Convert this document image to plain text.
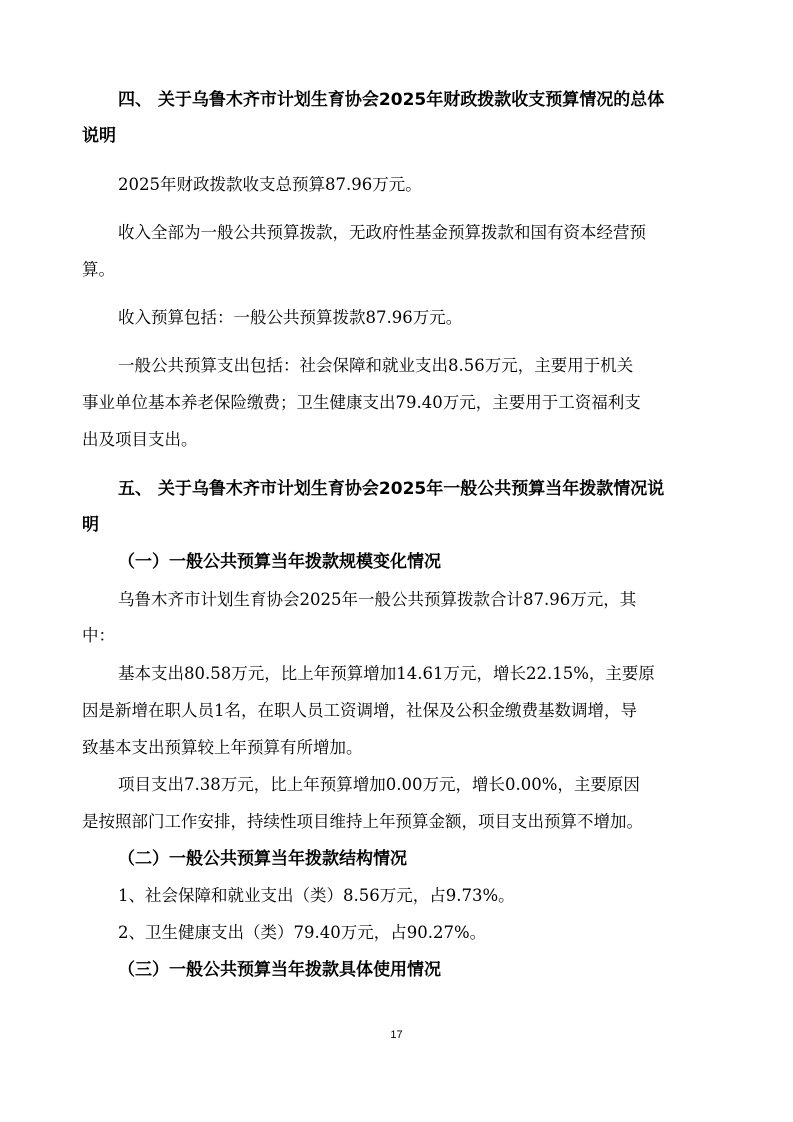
四、 关于乌鲁木齐市计划生育协会2025年财政拨款收支预算情况的总体

说明

2025年财政拨款收支总预算87.96万元。

收入全部为一般公共预算拨款，无政府性基金预算拨款和国有资本经营预

算。

收入预算包括：一般公共预算拨款87.96万元。

一般公共预算支出包括：社会保障和就业支出8.56万元，主要用于机关

事业单位基本养老保险缴费；卫生健康支出79.40万元，主要用于工资福利支

出及项目支出。

五、 关于乌鲁木齐市计划生育协会2025年一般公共预算当年拨款情况说

明

（一）一般公共预算当年拨款规模变化情况

乌鲁木齐市计划生育协会2025年一般公共预算拨款合计87.96万元，其

中：

基本支出80.58万元，比上年预算增加14.61万元，增长22.15%，主要原

因是新增在职人员1名，在职人员工资调增，社保及公积金缴费基数调增，导

致基本支出预算较上年预算有所增加。

项目支出7.38万元，比上年预算增加0.00万元，增长0.00%，主要原因

是按照部门工作安排，持续性项目维持上年预算金额，项目支出预算不增加。

（二）一般公共预算当年拨款结构情况

1、社会保障和就业支出（类）8.56万元，占9.73%。

2、卫生健康支出（类）79.40万元，占90.27%。

（三）一般公共预算当年拨款具体使用情况

17
